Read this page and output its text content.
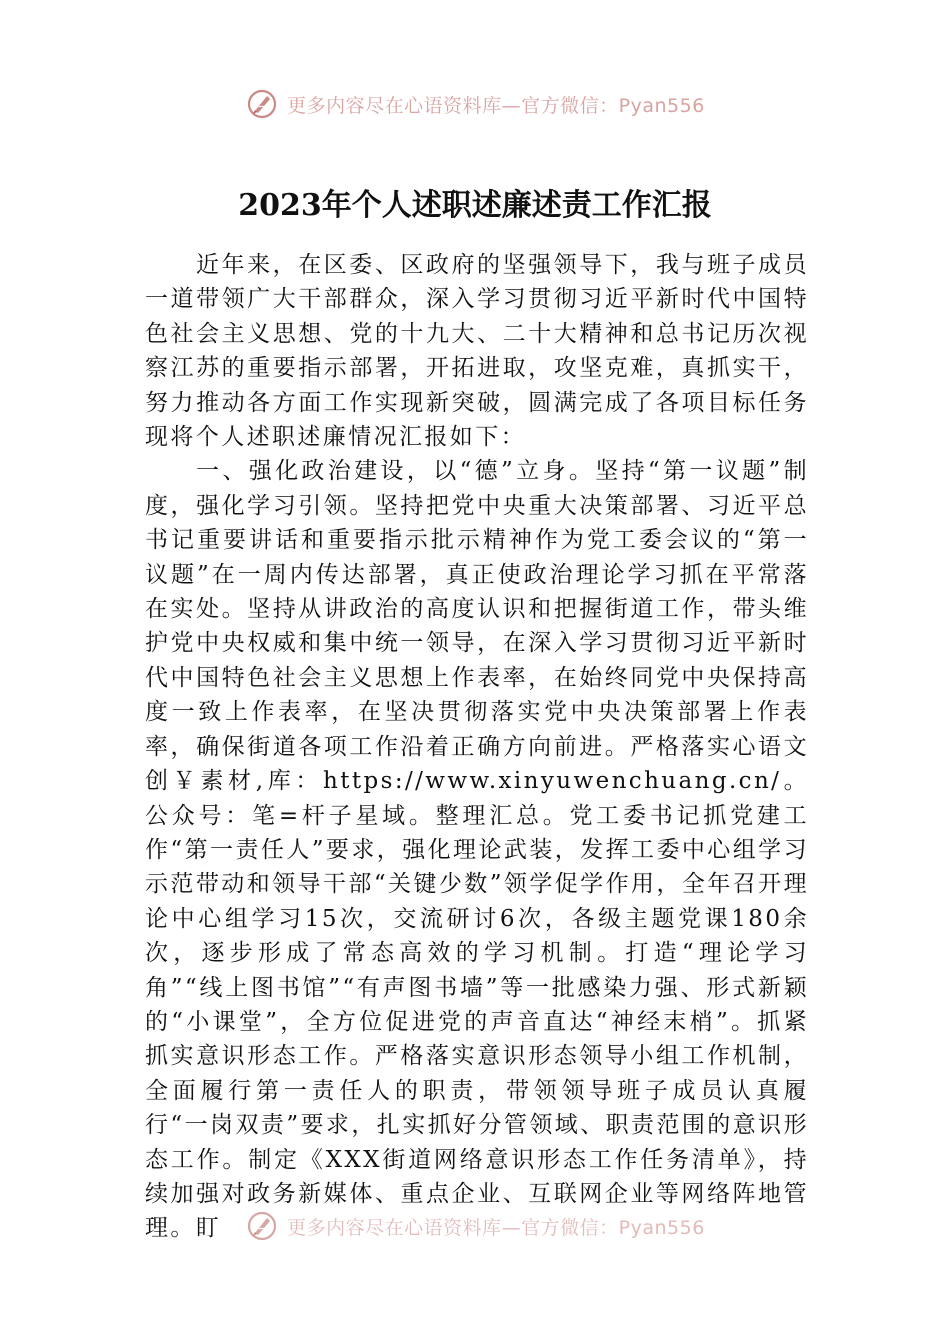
更多内容尽在心语资料库—官方微信：Pyan556
2023年个人述职述廉述责工作汇报

近年来，在区委、区政府的坚强领导下，我与班子成员一道带领广大干部群众，深入学习贯彻习近平新时代中国特色社会主义思想、党的十九大、二十大精神和总书记历次视察江苏的重要指示部署，开拓进取，攻坚克难，真抓实干，努力推动各方面工作实现新突破，圆满完成了各项目标任务现将个人述职述廉情况汇报如下：

一、强化政治建设，以“德”立身。坚持“第一议题”制度，强化学习引领。坚持把党中央重大决策部署、习近平总书记重要讲话和重要指示批示精神作为党工委会议的“第一议题”在一周内传达部署，真正使政治理论学习抓在平常落在实处。坚持从讲政治的高度认识和把握街道工作，带头维护党中央权威和集中统一领导，在深入学习贯彻习近平新时代中国特色社会主义思想上作表率，在始终同党中央保持高度一致上作表率，在坚决贯彻落实党中央决策部署上作表率，确保街道各项工作沿着正确方向前进。严格落实心语文创￥素材,库：https://www.xinyuwenchuang.cn/。公众号：笔=杆子星域。整理汇总。党工委书记抓党建工作“第一责任人”要求，强化理论武装，发挥工委中心组学习示范带动和领导干部“关键少数”领学促学作用，全年召开理论中心组学习15次，交流研讨6次，各级主题党课180余次，逐步形成了常态高效的学习机制。打造“理论学习角”“线上图书馆”“有声图书墙”等一批感染力强、形式新颖的“小课堂”，全方位促进党的声音直达“神经末梢”。抓紧抓实意识形态工作。严格落实意识形态领导小组工作机制，全面履行第一责任人的职责，带领领导班子成员认真履行“一岗双责”要求，扎实抓好分管领域、职责范围的意识形态工作。制定《XXX街道网络意识形态工作任务清单》，持续加强对政务新媒体、重点企业、互联网企业等网络阵地管理。盯	更多内容尽在心语资料库—官方微信：Pyan556
